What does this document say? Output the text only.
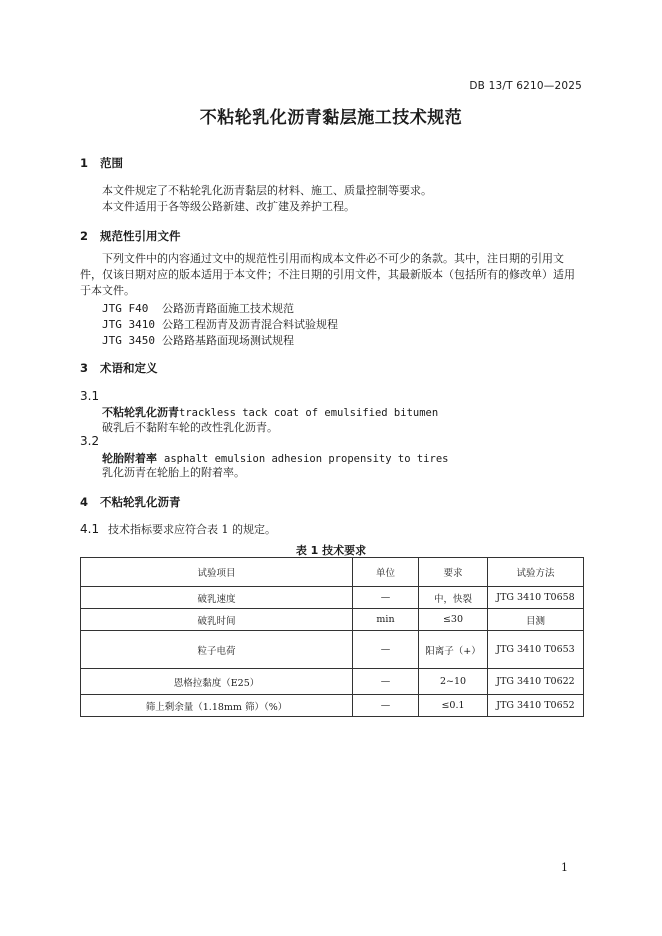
DB 13/T 6210—2025
不粘轮乳化沥青黏层施工技术规范
1 范围
本文件规定了不粘轮乳化沥青黏层的材料、施工、质量控制等要求。
本文件适用于各等级公路新建、改扩建及养护工程。
2 规范性引用文件
下列文件中的内容通过文中的规范性引用而构成本文件必不可少的条款。其中，注日期的引用文件，仅该日期对应的版本适用于本文件；不注日期的引用文件，其最新版本（包括所有的修改单）适用于本文件。
JTG F40 公路沥青路面施工技术规范
JTG 3410 公路工程沥青及沥青混合料试验规程
JTG 3450 公路路基路面现场测试规程
3 术语和定义
3.1
不粘轮乳化沥青trackless tack coat of emulsified bitumen
破乳后不黏附车轮的改性乳化沥青。
3.2
轮胎附着率 asphalt emulsion adhesion propensity to tires
乳化沥青在轮胎上的附着率。
4 不粘轮乳化沥青
4.1 技术指标要求应符合表 1 的规定。
表 1 技术要求
试验项目	单位	要求	试验方法
破乳速度	—	中，快裂	JTG 3410 T0658
破乳时间	min	≤30	目测
粒子电荷	—	阳离子（+）	JTG 3410 T0653
恩格拉黏度（E25）	—	2~10	JTG 3410 T0622
筛上剩余量（1.18mm 筛）（%）	—	≤0.1	JTG 3410 T0652
1
